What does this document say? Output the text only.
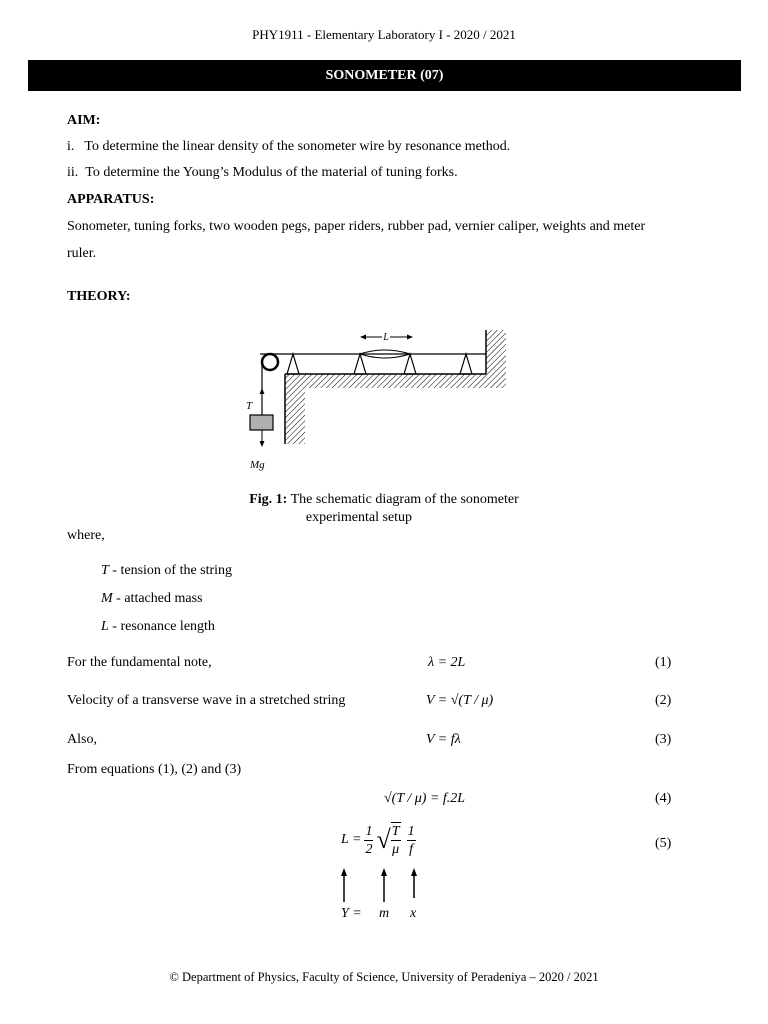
PHY1911 - Elementary Laboratory I - 2020 / 2021
SONOMETER (07)
AIM:
i. To determine the linear density of the sonometer wire by resonance method.
ii. To determine the Young’s Modulus of the material of tuning forks.
APPARATUS:
Sonometer, tuning forks, two wooden pegs, paper riders, rubber pad, vernier caliper, weights and meter
ruler.
THEORY:
L
T
Mg
Fig. 1: The schematic diagram of the sonometer
experimental setup
where,
T - tension of the string
M - attached mass
L - resonance length
For the fundamental note,	λ = 2L	(1)
Velocity of a transverse wave in a stretched string	V = √(T / μ)	(2)
Also,	V = fλ	(3)
From equations (1), (2) and (3)
√(T / μ) = f.2L	(4)
$L = \frac{1}{2}$ √ $\frac{T}{\mu} \frac{1}{f}$	(5)
Y = m x
© Department of Physics, Faculty of Science, University of Peradeniya – 2020 / 2021
